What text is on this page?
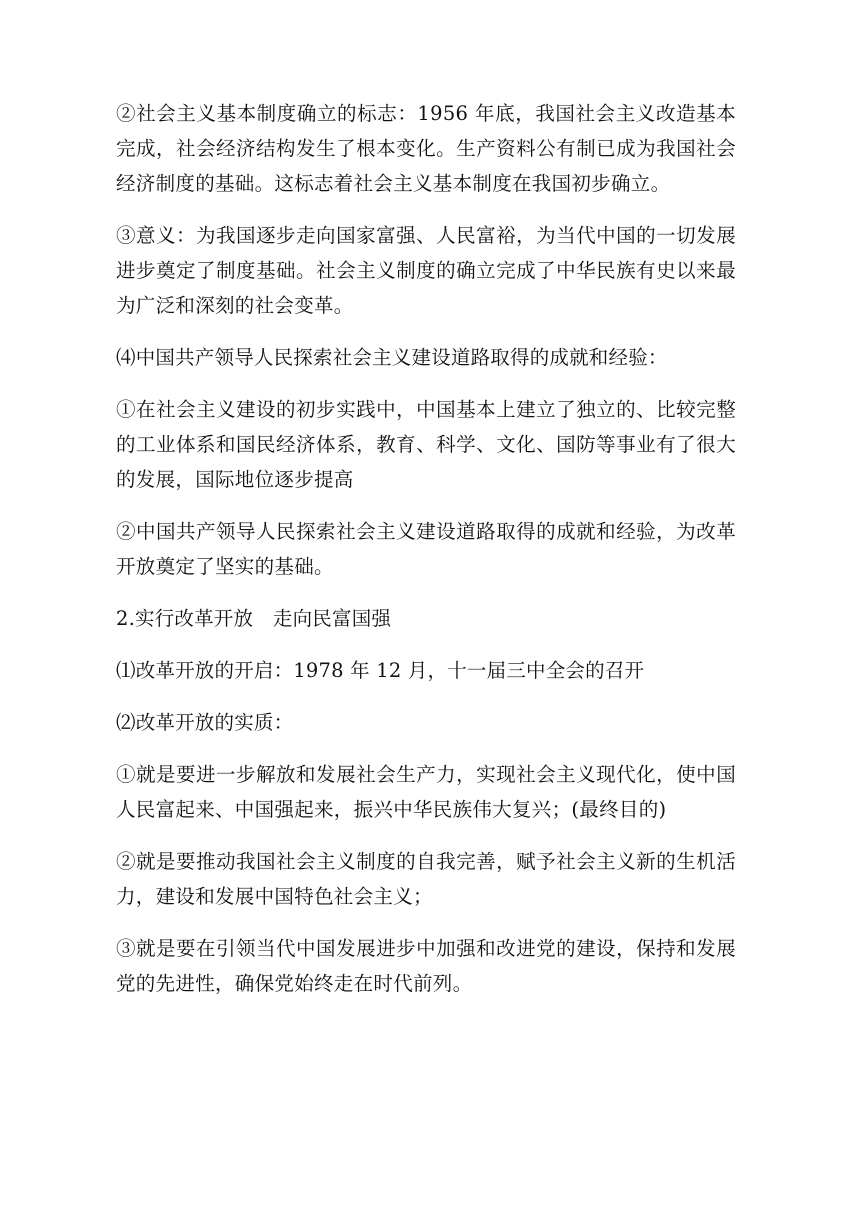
②社会主义基本制度确立的标志：1956 年底，我国社会主义改造基本完成，社会经济结构发生了根本变化。生产资料公有制已成为我国社会经济制度的基础。这标志着社会主义基本制度在我国初步确立。

③意义：为我国逐步走向国家富强、人民富裕，为当代中国的一切发展进步奠定了制度基础。社会主义制度的确立完成了中华民族有史以来最为广泛和深刻的社会变革。

⑷中国共产领导人民探索社会主义建设道路取得的成就和经验：

①在社会主义建设的初步实践中，中国基本上建立了独立的、比较完整的工业体系和国民经济体系，教育、科学、文化、国防等事业有了很大的发展，国际地位逐步提高

②中国共产领导人民探索社会主义建设道路取得的成就和经验，为改革开放奠定了坚实的基础。

2.实行改革开放　走向民富国强

⑴改革开放的开启：1978 年 12 月，十一届三中全会的召开

⑵改革开放的实质：

①就是要进一步解放和发展社会生产力，实现社会主义现代化，使中国人民富起来、中国强起来，振兴中华民族伟大复兴；(最终目的)

②就是要推动我国社会主义制度的自我完善，赋予社会主义新的生机活力，建设和发展中国特色社会主义；

③就是要在引领当代中国发展进步中加强和改进党的建设，保持和发展党的先进性，确保党始终走在时代前列。
